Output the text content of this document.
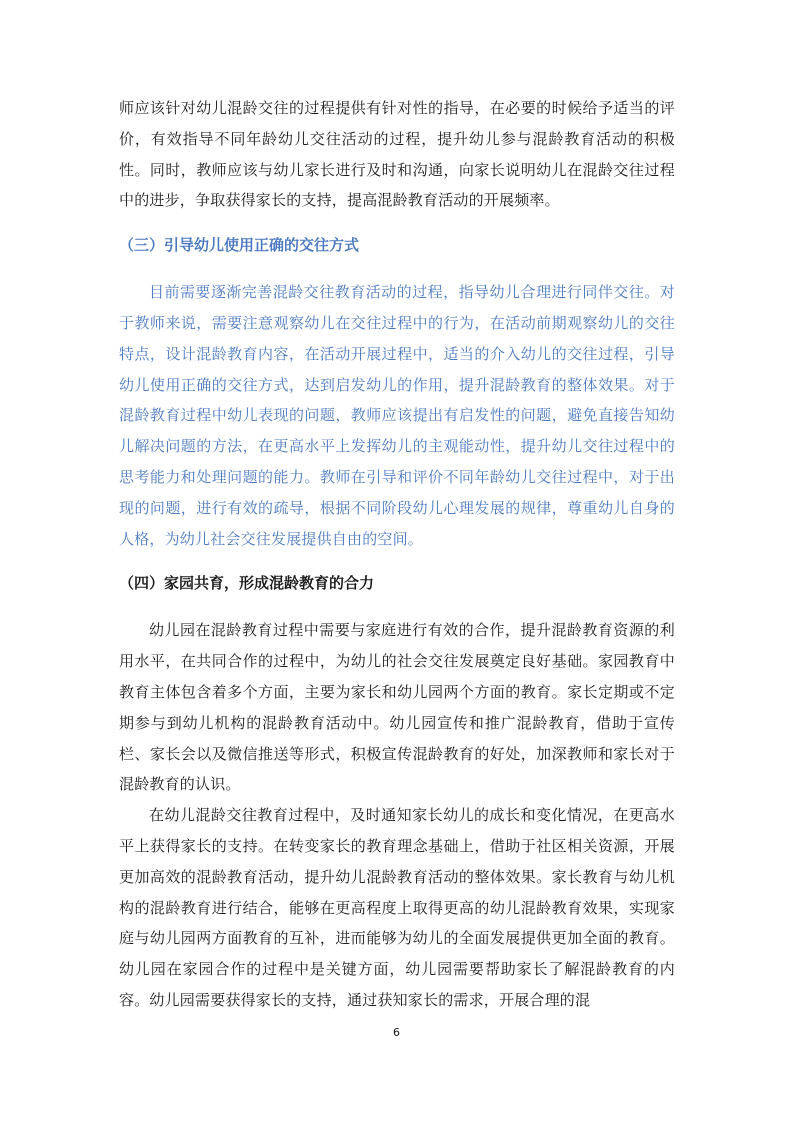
师应该针对幼儿混龄交往的过程提供有针对性的指导，在必要的时候给予适当的评价，有效指导不同年龄幼儿交往活动的过程，提升幼儿参与混龄教育活动的积极性。同时，教师应该与幼儿家长进行及时和沟通，向家长说明幼儿在混龄交往过程中的进步，争取获得家长的支持，提高混龄教育活动的开展频率。

（三）引导幼儿使用正确的交往方式

目前需要逐渐完善混龄交往教育活动的过程，指导幼儿合理进行同伴交往。对于教师来说，需要注意观察幼儿在交往过程中的行为，在活动前期观察幼儿的交往特点，设计混龄教育内容，在活动开展过程中，适当的介入幼儿的交往过程，引导幼儿使用正确的交往方式，达到启发幼儿的作用，提升混龄教育的整体效果。对于混龄教育过程中幼儿表现的问题，教师应该提出有启发性的问题，避免直接告知幼儿解决问题的方法，在更高水平上发挥幼儿的主观能动性，提升幼儿交往过程中的思考能力和处理问题的能力。教师在引导和评价不同年龄幼儿交往过程中，对于出现的问题，进行有效的疏导，根据不同阶段幼儿心理发展的规律，尊重幼儿自身的人格，为幼儿社会交往发展提供自由的空间。

（四）家园共育，形成混龄教育的合力

幼儿园在混龄教育过程中需要与家庭进行有效的合作，提升混龄教育资源的利用水平，在共同合作的过程中，为幼儿的社会交往发展奠定良好基础。家园教育中教育主体包含着多个方面，主要为家长和幼儿园两个方面的教育。家长定期或不定期参与到幼儿机构的混龄教育活动中。幼儿园宣传和推广混龄教育，借助于宣传栏、家长会以及微信推送等形式，积极宣传混龄教育的好处，加深教师和家长对于混龄教育的认识。

在幼儿混龄交往教育过程中，及时通知家长幼儿的成长和变化情况，在更高水平上获得家长的支持。在转变家长的教育理念基础上，借助于社区相关资源，开展更加高效的混龄教育活动，提升幼儿混龄教育活动的整体效果。家长教育与幼儿机构的混龄教育进行结合，能够在更高程度上取得更高的幼儿混龄教育效果，实现家庭与幼儿园两方面教育的互补，进而能够为幼儿的全面发展提供更加全面的教育。幼儿园在家园合作的过程中是关键方面，幼儿园需要帮助家长了解混龄教育的内容。幼儿园需要获得家长的支持，通过获知家长的需求，开展合理的混

6
